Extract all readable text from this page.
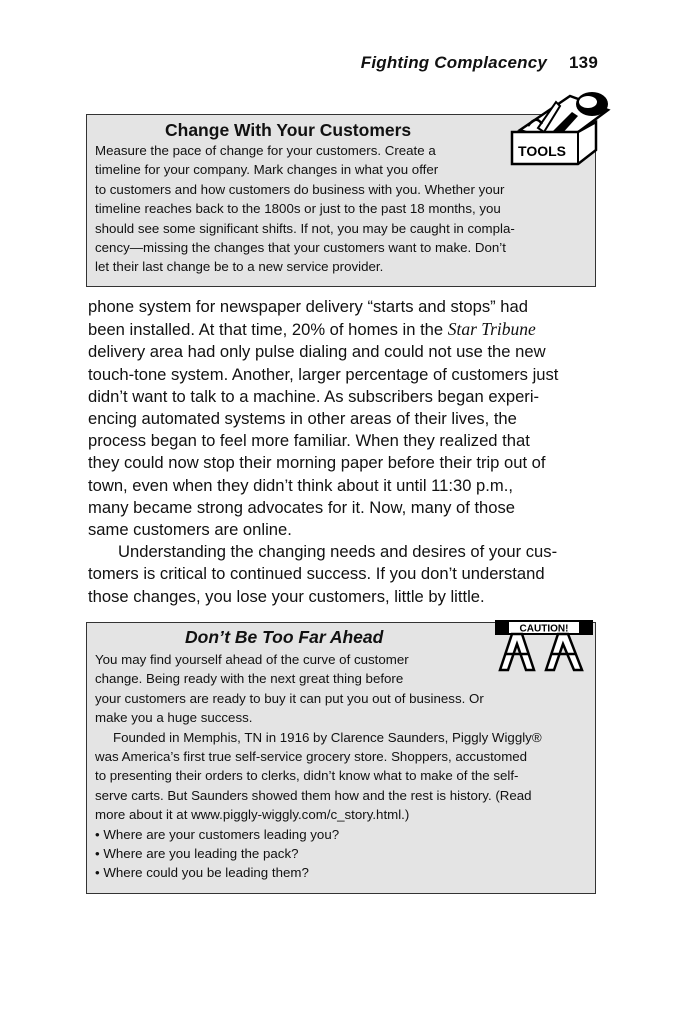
Fighting Complacency 139
Change With Your Customers
Measure the pace of change for your customers. Create a
timeline for your company. Mark changes in what you offer
to customers and how customers do business with you. Whether your
timeline reaches back to the 1800s or just to the past 18 months, you
should see some significant shifts. If not, you may be caught in compla-
cency—missing the changes that your customers want to make. Don’t
let their last change be to a new service provider.
TOOLS
phone system for newspaper delivery “starts and stops” had
been installed. At that time, 20% of homes in the Star Tribune
delivery area had only pulse dialing and could not use the new
touch-tone system. Another, larger percentage of customers just
didn’t want to talk to a machine. As subscribers began experi-
encing automated systems in other areas of their lives, the
process began to feel more familiar. When they realized that
they could now stop their morning paper before their trip out of
town, even when they didn’t think about it until 11:30 p.m.,
many became strong advocates for it. Now, many of those
same customers are online.
Understanding the changing needs and desires of your cus-
tomers is critical to continued success. If you don’t understand
those changes, you lose your customers, little by little.
Don’t Be Too Far Ahead
You may find yourself ahead of the curve of customer
change. Being ready with the next great thing before
your customers are ready to buy it can put you out of business. Or
make you a huge success.
Founded in Memphis, TN in 1916 by Clarence Saunders, Piggly Wiggly®
was America’s first true self-service grocery store. Shoppers, accustomed
to presenting their orders to clerks, didn’t know what to make of the self-
serve carts. But Saunders showed them how and the rest is history. (Read
more about it at www.piggly-wiggly.com/c_story.html.)
• Where are your customers leading you?
• Where are you leading the pack?
• Where could you be leading them?
CAUTION!
